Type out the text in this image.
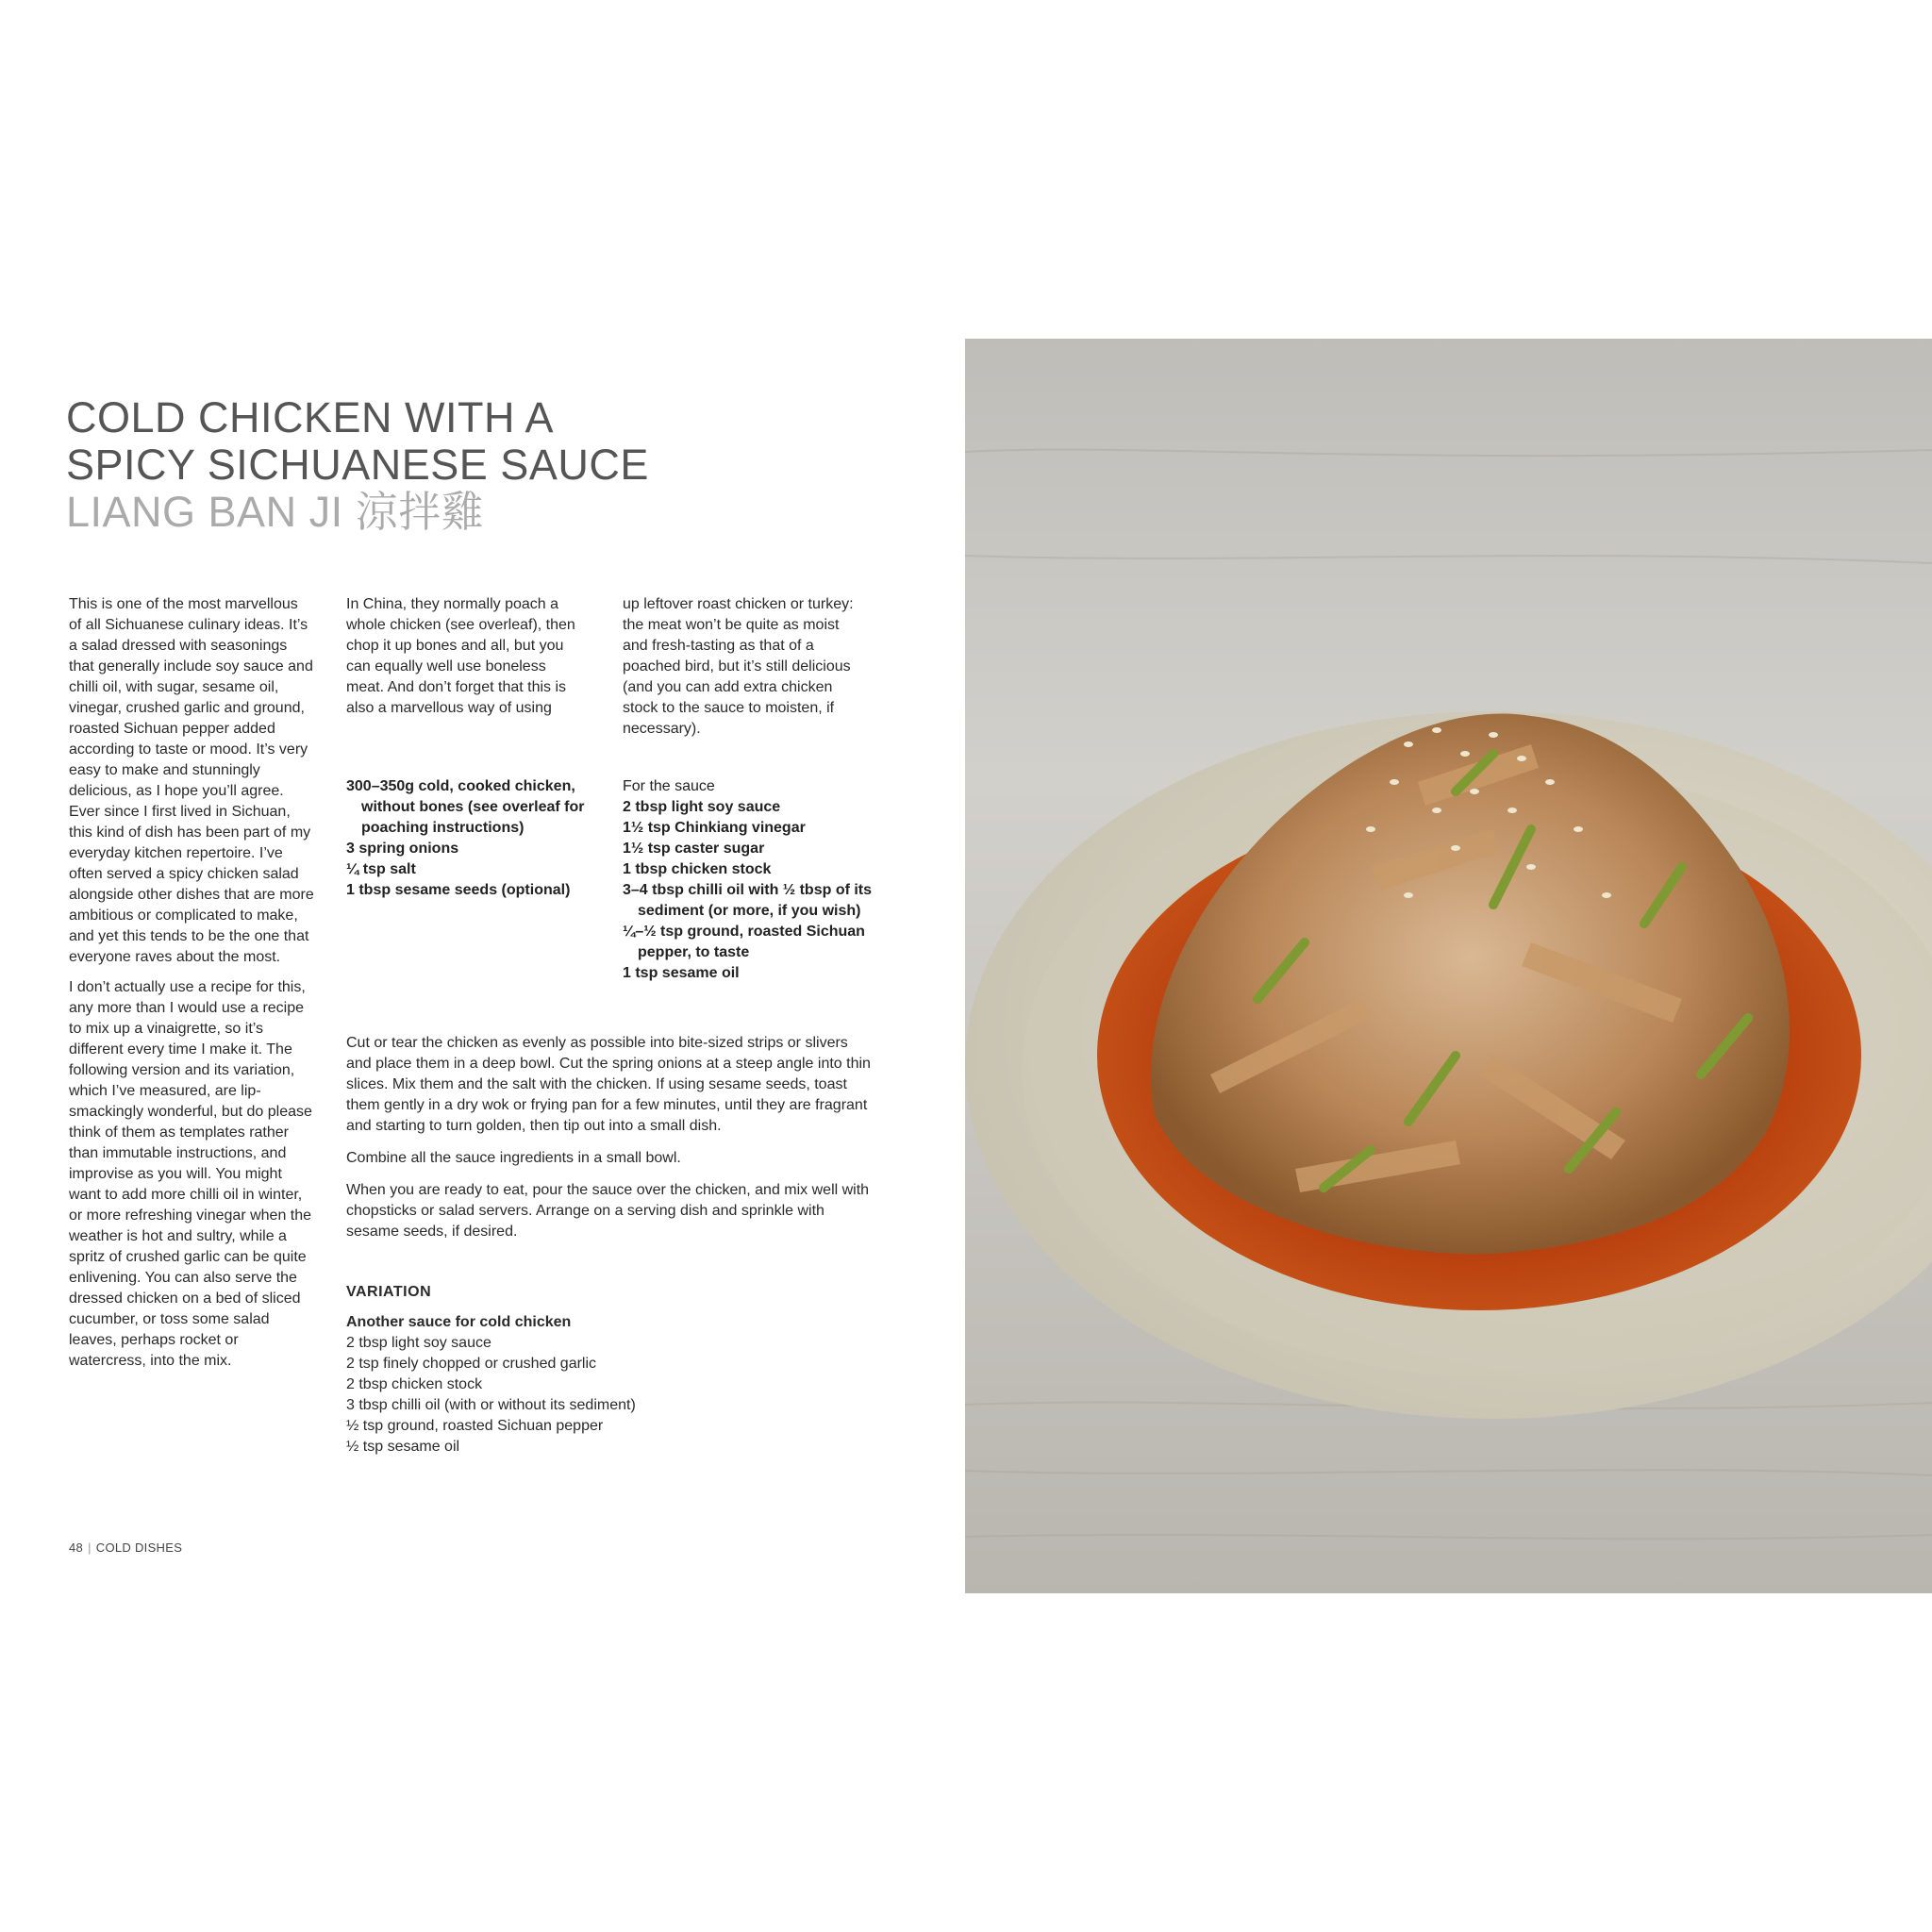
COLD CHICKEN WITH A
SPICY SICHUANESE SAUCE
LIANG BAN JI 涼拌雞

This is one of the most marvellous of all Sichuanese culinary ideas. It’s a salad dressed with seasonings that generally include soy sauce and chilli oil, with sugar, sesame oil, vinegar, crushed garlic and ground, roasted Sichuan pepper added according to taste or mood. It’s very easy to make and stunningly delicious, as I hope you’ll agree. Ever since I first lived in Sichuan, this kind of dish has been part of my everyday kitchen repertoire. I’ve often served a spicy chicken salad alongside other dishes that are more ambitious or complicated to make, and yet this tends to be the one that everyone raves about the most.

I don’t actually use a recipe for this, any more than I would use a recipe to mix up a vinaigrette, so it’s different every time I make it. The following version and its variation, which I’ve measured, are lip-smackingly wonderful, but do please think of them as templates rather than immutable instructions, and improvise as you will. You might want to add more chilli oil in winter, or more refreshing vinegar when the weather is hot and sultry, while a spritz of crushed garlic can be quite enlivening. You can also serve the dressed chicken on a bed of sliced cucumber, or toss some salad leaves, perhaps rocket or watercress, into the mix.

In China, they normally poach a whole chicken (see overleaf), then chop it up bones and all, but you can equally well use boneless meat. And don’t forget that this is also a marvellous way of using

up leftover roast chicken or turkey: the meat won’t be quite as moist and fresh-tasting as that of a poached bird, but it’s still delicious (and you can add extra chicken stock to the sauce to moisten, if necessary).

300–350g cold, cooked chicken, without bones (see overleaf for poaching instructions)
3 spring onions
¼ tsp salt
1 tbsp sesame seeds (optional)
For the sauce
2 tbsp light soy sauce
1½ tsp Chinkiang vinegar
1½ tsp caster sugar
1 tbsp chicken stock
3–4 tbsp chilli oil with ½ tbsp of its sediment (or more, if you wish)
¼–½ tsp ground, roasted Sichuan pepper, to taste
1 tsp sesame oil

Cut or tear the chicken as evenly as possible into bite-sized strips or slivers and place them in a deep bowl. Cut the spring onions at a steep angle into thin slices. Mix them and the salt with the chicken. If using sesame seeds, toast them gently in a dry wok or frying pan for a few minutes, until they are fragrant and starting to turn golden, then tip out into a small dish.

Combine all the sauce ingredients in a small bowl.

When you are ready to eat, pour the sauce over the chicken, and mix well with chopsticks or salad servers. Arrange on a serving dish and sprinkle with sesame seeds, if desired.

VARIATION
Another sauce for cold chicken
2 tbsp light soy sauce
2 tsp finely chopped or crushed garlic
2 tbsp chicken stock
3 tbsp chilli oil (with or without its sediment)
½ tsp ground, roasted Sichuan pepper
½ tsp sesame oil
48 | COLD DISHES
